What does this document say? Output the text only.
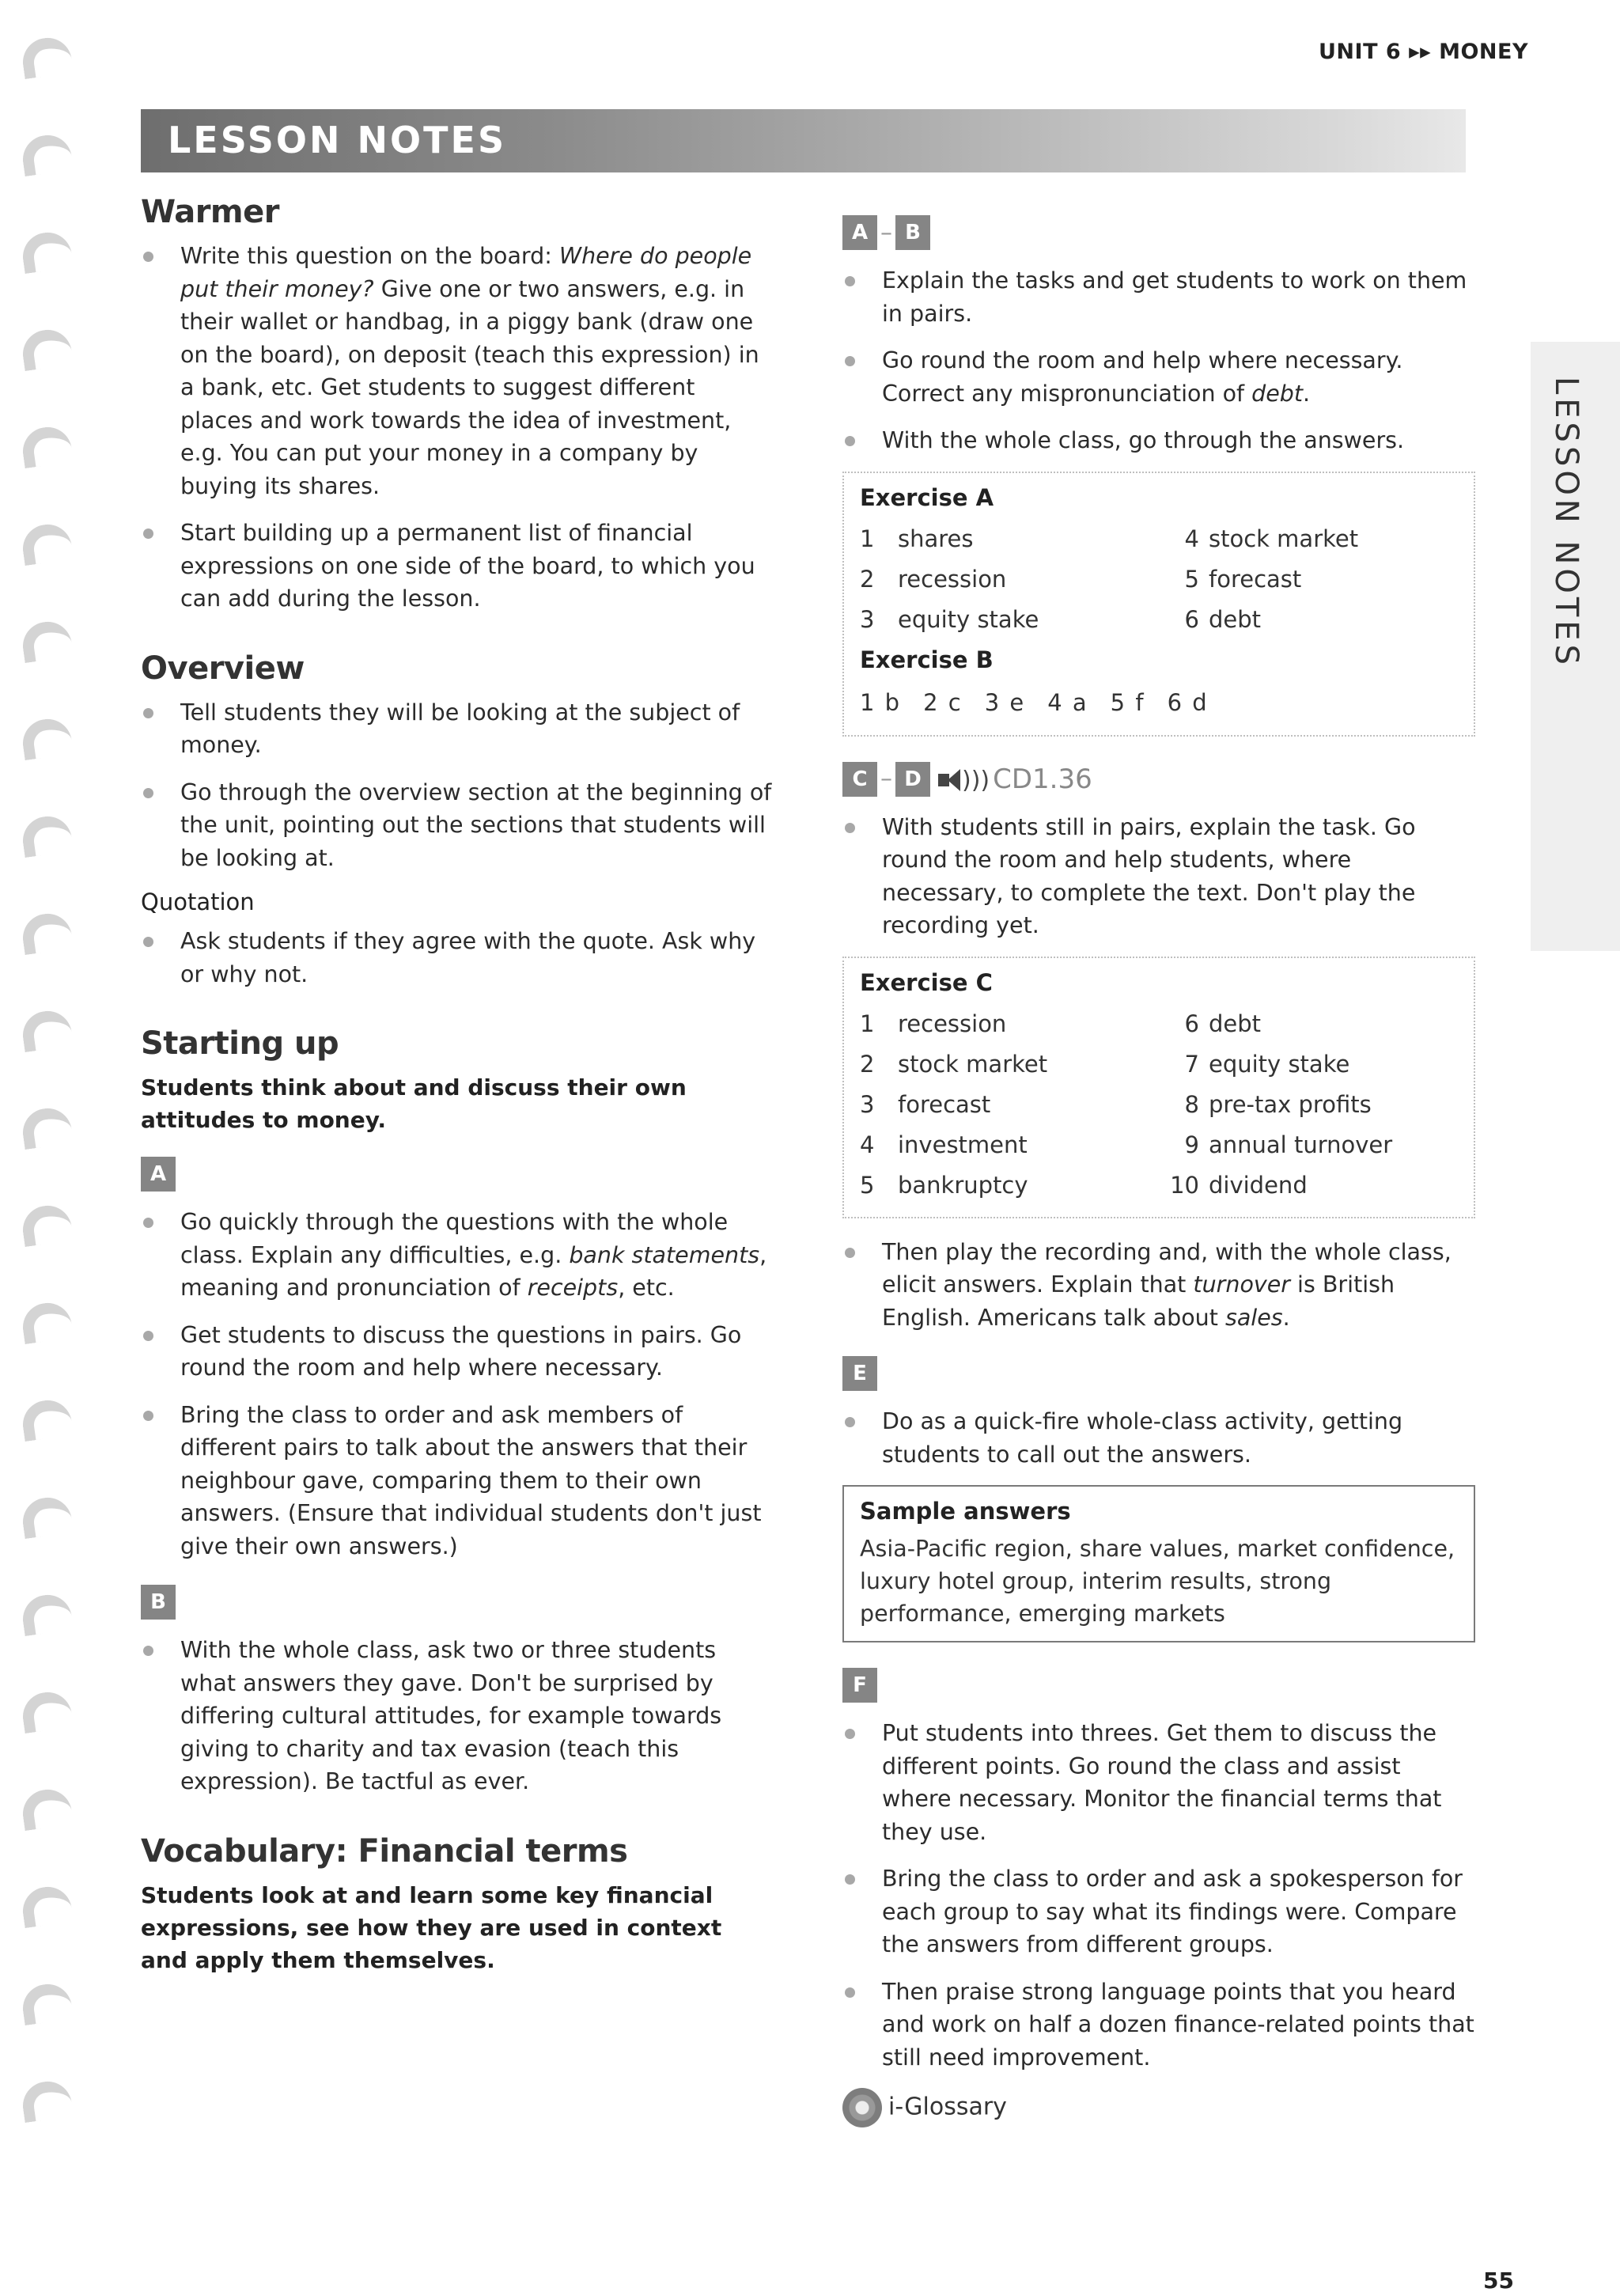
UNIT 6 ▸▸ MONEY
LESSON NOTES
LESSON NOTES
Warmer
Write this question on the board: Where do people put their money? Give one or two answers, e.g. in their wallet or handbag, in a piggy bank (draw one on the board), on deposit (teach this expression) in a bank, etc. Get students to suggest different places and work towards the idea of investment, e.g. You can put your money in a company by buying its shares.
Start building up a permanent list of financial expressions on one side of the board, to which you can add during the lesson.
Overview
Tell students they will be looking at the subject of money.
Go through the overview section at the beginning of the unit, pointing out the sections that students will be looking at.
Quotation
Ask students if they agree with the quote. Ask why or why not.
Starting up

Students think about and discuss their own attitudes to money.

A
Go quickly through the questions with the whole class. Explain any difficulties, e.g. bank statements, meaning and pronunciation of receipts, etc.
Get students to discuss the questions in pairs. Go round the room and help where necessary.
Bring the class to order and ask members of different pairs to talk about the answers that their neighbour gave, comparing them to their own answers. (Ensure that individual students don't just give their own answers.)
B
With the whole class, ask two or three students what answers they gave. Don't be surprised by differing cultural attitudes, for example towards giving to charity and tax evasion (teach this expression). Be tactful as ever.
Vocabulary: Financial terms

Students look at and learn some key financial expressions, see how they are used in context and apply them themselves.

A – B
Explain the tasks and get students to work on them in pairs.
Go round the room and help where necessary. Correct any mispronunciation of debt.
With the whole class, go through the answers.
Exercise A
1 shares	4 stock market
2 recession	5 forecast
3 equity stake	6 debt
Exercise B
1 b 2 c 3 e 4 a 5 f 6 d
C – D ))) CD1.36
With students still in pairs, explain the task. Go round the room and help students, where necessary, to complete the text. Don't play the recording yet.
Exercise C
1 recession	6 debt
2 stock market	7 equity stake
3 forecast	8 pre-tax profits
4 investment	9 annual turnover
5 bankruptcy	10 dividend
Then play the recording and, with the whole class, elicit answers. Explain that turnover is British English. Americans talk about sales.
E
Do as a quick-fire whole-class activity, getting students to call out the answers.
Sample answers
Asia-Pacific region, share values, market confidence, luxury hotel group, interim results, strong performance, emerging markets
F
Put students into threes. Get them to discuss the different points. Go round the class and assist where necessary. Monitor the financial terms that they use.
Bring the class to order and ask a spokesperson for each group to say what its findings were. Compare the answers from different groups.
Then praise strong language points that you heard and work on half a dozen finance-related points that still need improvement.
i-Glossary
55
